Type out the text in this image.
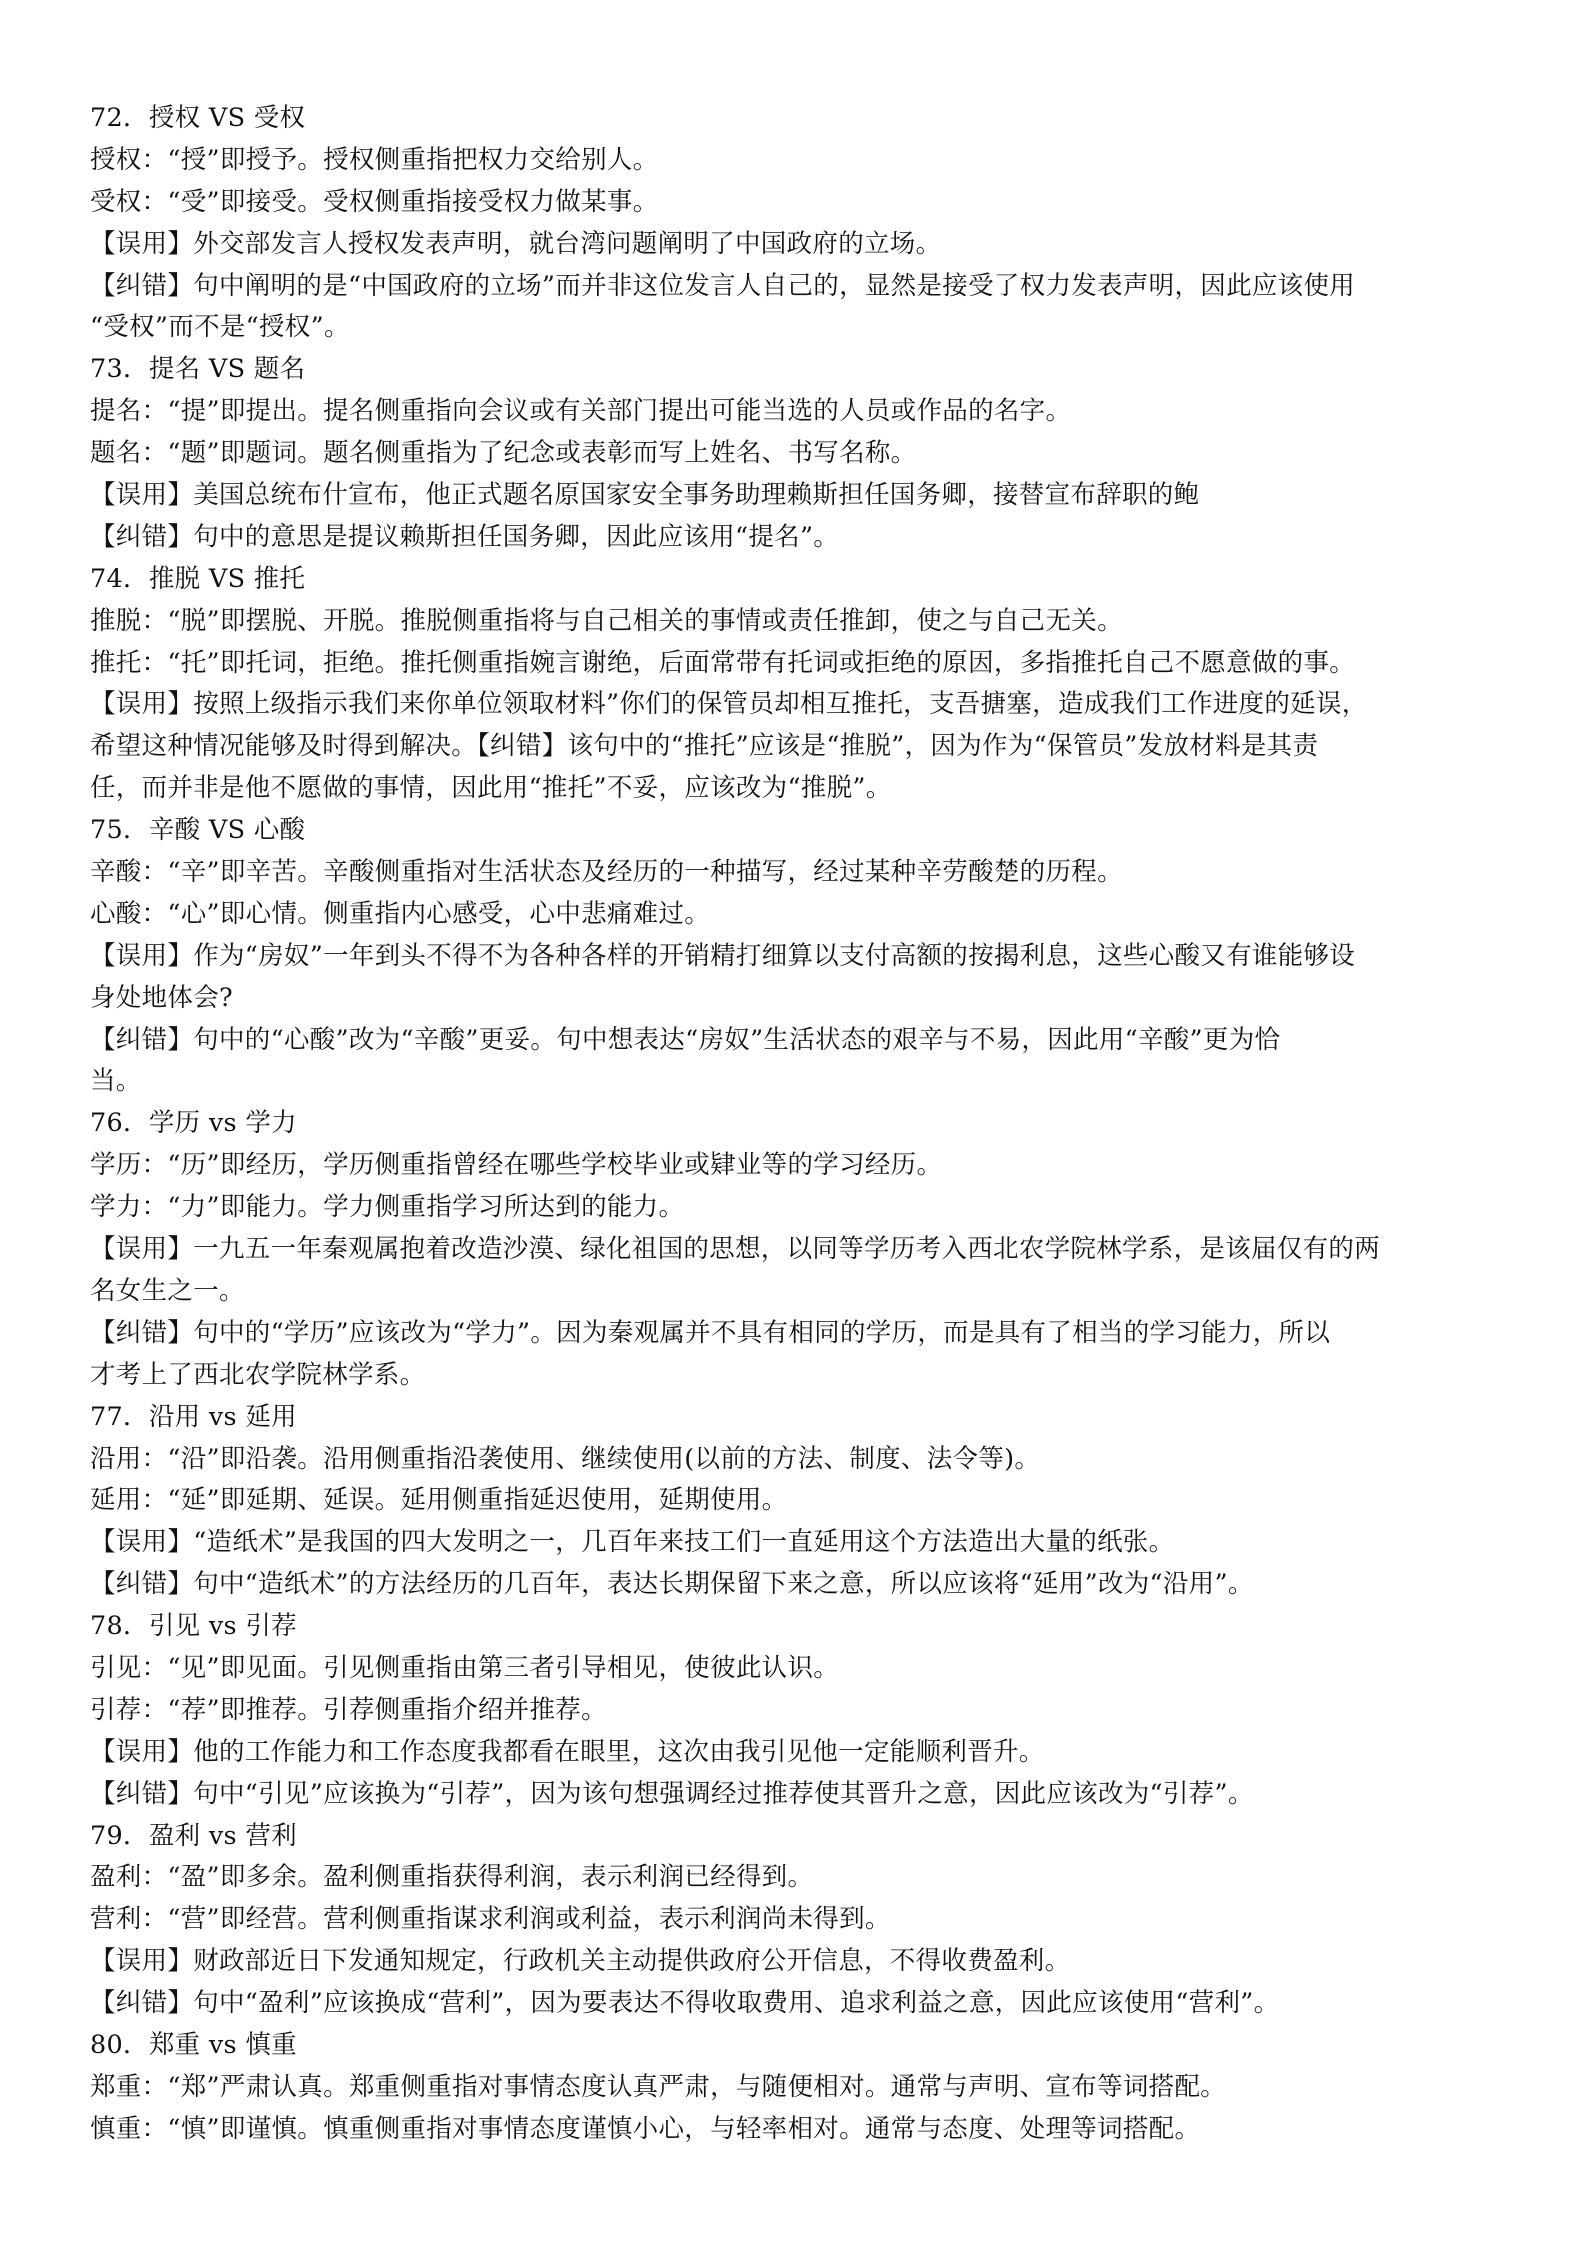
72．授权 VS 受权
授权：“授”即授予。授权侧重指把权力交给别人。
受权：“受”即接受。受权侧重指接受权力做某事。
【误用】外交部发言人授权发表声明，就台湾问题阐明了中国政府的立场。
【纠错】句中阐明的是“中国政府的立场”而并非这位发言人自己的，显然是接受了权力发表声明，因此应该使用
“受权”而不是“授权”。
73．提名 VS 题名
提名：“提”即提出。提名侧重指向会议或有关部门提出可能当选的人员或作品的名字。
题名：“题”即题词。题名侧重指为了纪念或表彰而写上姓名、书写名称。
【误用】美国总统布什宣布，他正式题名原国家安全事务助理赖斯担任国务卿，接替宣布辞职的鲍
【纠错】句中的意思是提议赖斯担任国务卿，因此应该用“提名”。
74．推脱 VS 推托
推脱：“脱”即摆脱、开脱。推脱侧重指将与自己相关的事情或责任推卸，使之与自己无关。
推托：“托”即托词，拒绝。推托侧重指婉言谢绝，后面常带有托词或拒绝的原因，多指推托自己不愿意做的事。
【误用】按照上级指示我们来你单位领取材料”你们的保管员却相互推托，支吾搪塞，造成我们工作进度的延误，
希望这种情况能够及时得到解决。【纠错】该句中的“推托”应该是“推脱”，因为作为“保管员”发放材料是其责
任，而并非是他不愿做的事情，因此用“推托”不妥，应该改为“推脱”。
75．辛酸 VS 心酸
辛酸：“辛”即辛苦。辛酸侧重指对生活状态及经历的一种描写，经过某种辛劳酸楚的历程。
心酸：“心”即心情。侧重指内心感受，心中悲痛难过。
【误用】作为“房奴”一年到头不得不为各种各样的开销精打细算以支付高额的按揭利息，这些心酸又有谁能够设
身处地体会?
【纠错】句中的“心酸”改为“辛酸”更妥。句中想表达“房奴”生活状态的艰辛与不易，因此用“辛酸”更为恰
当。
76．学历 vs 学力
学历：“历”即经历，学历侧重指曾经在哪些学校毕业或肄业等的学习经历。
学力：“力”即能力。学力侧重指学习所达到的能力。
【误用】一九五一年秦观属抱着改造沙漠、绿化祖国的思想，以同等学历考入西北农学院林学系，是该届仅有的两
名女生之一。
【纠错】句中的“学历”应该改为“学力”。因为秦观属并不具有相同的学历，而是具有了相当的学习能力，所以
才考上了西北农学院林学系。
77．沿用 vs 延用
沿用：“沿”即沿袭。沿用侧重指沿袭使用、继续使用(以前的方法、制度、法令等)。
延用：“延”即延期、延误。延用侧重指延迟使用，延期使用。
【误用】“造纸术”是我国的四大发明之一，几百年来技工们一直延用这个方法造出大量的纸张。
【纠错】句中“造纸术”的方法经历的几百年，表达长期保留下来之意，所以应该将“延用”改为“沿用”。
78．引见 vs 引荐
引见：“见”即见面。引见侧重指由第三者引导相见，使彼此认识。
引荐：“荐”即推荐。引荐侧重指介绍并推荐。
【误用】他的工作能力和工作态度我都看在眼里，这次由我引见他一定能顺利晋升。
【纠错】句中“引见”应该换为“引荐”，因为该句想强调经过推荐使其晋升之意，因此应该改为“引荐”。
79．盈利 vs 营利
盈利：“盈”即多余。盈利侧重指获得利润，表示利润已经得到。
营利：“营”即经营。营利侧重指谋求利润或利益，表示利润尚未得到。
【误用】财政部近日下发通知规定，行政机关主动提供政府公开信息，不得收费盈利。
【纠错】句中“盈利”应该换成“营利”，因为要表达不得收取费用、追求利益之意，因此应该使用“营利”。
80．郑重 vs 慎重
郑重：“郑”严肃认真。郑重侧重指对事情态度认真严肃，与随便相对。通常与声明、宣布等词搭配。
慎重：“慎”即谨慎。慎重侧重指对事情态度谨慎小心，与轻率相对。通常与态度、处理等词搭配。
